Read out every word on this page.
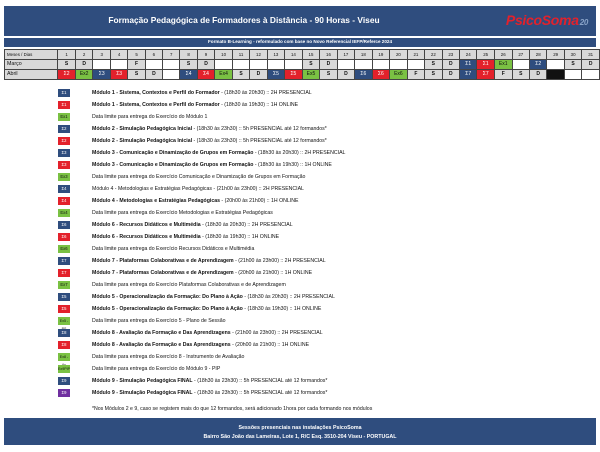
Formação Pedagógica de Formadores à Distância - 90 Horas - Viseu	PsicoSoma20
Formato B-Learning - reformulado com base no Novo Referencial IEFP/Referce 2024
Meses / Dias	1	2	3	4	5	6	7	8	9	10	11	12	13	14	15	16	17	18	19	20	21	22	23	24	25	26	27	28	29	30	31
Março	S	D			F			S	D						S	D						S	D	Σ1	Σ1	Ex1		Σ2		S	D
Abril	Σ2	Ex2	Σ3	Σ3	S	D		Σ4	Σ4	Ex4	S	D	Σ5	Σ5	Ex5	S	D	Σ6	Σ6	Ex6	F	S	D	Σ7	Σ7	F	S	D			
Σ1	Módulo 1 - Sistema, Contextos e Perfil do Formador - (18h30 às 20h30) :: 2H PRESENCIAL
Σ1	Módulo 1 - Sistema, Contextos e Perfil do Formador - (18h30 às 19h30) :: 1H ONLINE
Ex1	Data limite para entrega do Exercício do Módulo 1
Σ2	Módulo 2 - Simulação Pedagógica Inicial - (18h30 às 23h30) :: 5h PRESENCIAL até 12 formandos*
Σ2	Módulo 2 - Simulação Pedagógica Inicial - (18h30 às 23h30) :: 5h PRESENCIAL até 12 formandos*
Σ3	Módulo 3 - Comunicação e Dinamização de Grupos em Formação - (18h30 às 20h30) :: 2H PRESENCIAL
Σ3	Módulo 3 - Comunicação e Dinamização de Grupos em Formação - (18h30 às 19h30) :: 1H ONLINE
Ex3	Data limite para entrega do Exercício Comunicação e Dinamização de Grupos em Formação
Σ4	Módulo 4 - Metodologias e Estratégias Pedagógicas - (21h00 às 23h00) :: 2H PRESENCIAL
Σ4	Módulo 4 - Metodologias e Estratégias Pedagógicas - (20h00 às 21h00) :: 1H ONLINE
Ex4	Data limite para entrega do Exercício Metodologias e Estratégias Pedagógicas
Σ6	Módulo 6 - Recursos Didáticos e Multimédia - (18h30 às 20h30) :: 2H PRESENCIAL
Σ6	Módulo 6 - Recursos Didáticos e Multimédia - (18h30 às 19h30) :: 1H ONLINE
Ex6	Data limite para entrega do Exercício Recursos Didáticos e Multimédia
Σ7	Módulo 7 - Plataformas Colaborativas e de Aprendizagem - (21h00 às 23h00) :: 2H PRESENCIAL
Σ7	Módulo 7 - Plataformas Colaborativas e de Aprendizagem - (20h00 às 21h00) :: 1H ONLINE
Ex7	Data limite para entrega do Exercício Plataformas Colaborativas e de Aprendizagem
Σ5	Módulo 5 - Operacionalização da Formação: Do Plano à Ação - (18h30 às 20h30) :: 2H PRESENCIAL
Σ5	Módulo 5 - Operacionalização da Formação: Do Plano à Ação - (18h30 às 19h30) :: 1H ONLINE
Ex5 -	Data limite para entrega do Exercício 5 - Plano de Sessão
Σ8	Módulo 8 - Avaliação da Formação e Das Aprendizagens - (21h00 às 23h00) :: 2H PRESENCIAL
Σ8	Módulo 8 - Avaliação da Formação e Das Aprendizagens - (20h00 às 21h00) :: 1H ONLINE
Ex8 -	Data limite para entrega do Exercício 8 - Instrumento de Avaliação
Ex9PIP	Data limite para entrega do Exercício do Módulo 9 - PIP
Σ9	Módulo 9 - Simulação Pedagógica FINAL - (18h30 às 23h30) :: 5h PRESENCIAL até 12 formandos*
Σ9	Módulo 9 - Simulação Pedagógica FINAL - (18h30 às 23h30) :: 5h PRESENCIAL até 12 formandos*
*Nos Módulos 2 e 9, caso se registem mais do que 12 formandos, será adicionado 1hora por cada formando nos módulos
Sessões presenciais nas instalações PsicoSoma
Bairro São João das Lameiras, Lote 1, R/C Esq. 3510-204 Viseu - PORTUGAL
